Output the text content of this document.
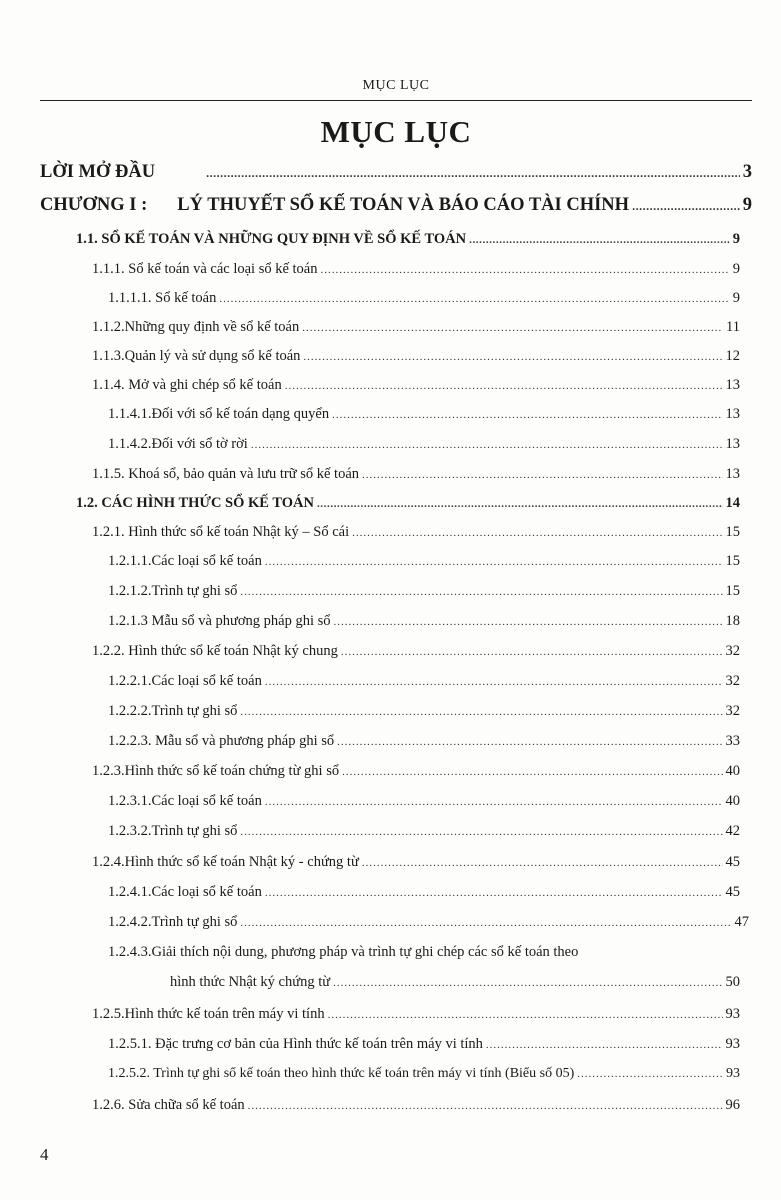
MỤC LỤC
MỤC LỤC
LỜI MỞ ĐẦU .....	3
CHƯƠNG I : LÝ THUYẾT SỔ KẾ TOÁN VÀ BÁO CÁO TÀI CHÍNH .....	9
1.1. SỔ KẾ TOÁN VÀ NHỮNG QUY ĐỊNH VỀ SỔ KẾ TOÁN .....	9
1.1.1. Sổ kế toán và các loại sổ kế toán .....	9
1.1.1.1. Sổ kế toán .....	9
1.1.2.Những quy định về sổ kế toán .....	11
1.1.3.Quản lý và sử dụng sổ kế toán .....	12
1.1.4. Mở và ghi chép sổ kế toán .....	13
1.1.4.1.Đối với sổ kế toán dạng quyển .....	13
1.1.4.2.Đối với sổ tờ rời .....	13
1.1.5. Khoá sổ, bảo quản và lưu trữ sổ kế toán .....	13
1.2. CÁC HÌNH THỨC SỔ KẾ TOÁN .....	14
1.2.1. Hình thức sổ kế toán Nhật ký – Sổ cái .....	15
1.2.1.1.Các loại sổ kế toán .....	15
1.2.1.2.Trình tự ghi sổ .....	15
1.2.1.3 Mẫu sổ và phương pháp ghi sổ .....	18
1.2.2. Hình thức sổ kế toán Nhật ký chung .....	32
1.2.2.1.Các loại sổ kế toán .....	32
1.2.2.2.Trình tự ghi sổ .....	32
1.2.2.3. Mẫu sổ và phương pháp ghi sổ .....	33
1.2.3.Hình thức sổ kế toán chứng từ ghi sổ .....	40
1.2.3.1.Các loại sổ kế toán .....	40
1.2.3.2.Trình tự ghi sổ .....	42
1.2.4.Hình thức sổ kế toán Nhật ký - chứng từ .....	45
1.2.4.1.Các loại sổ kế toán .....	45
1.2.4.2.Trình tự ghi sổ .....	47
1.2.4.3.Giải thích nội dung, phương pháp và trình tự ghi chép các sổ kế toán theo
hình thức Nhật ký chứng từ .....	50
1.2.5.Hình thức kế toán trên máy vi tính .....	93
1.2.5.1. Đặc trưng cơ bản của Hình thức kế toán trên máy vi tính .....	93
1.2.5.2. Trình tự ghi sổ kế toán theo hình thức kế toán trên máy vi tính (Biểu số 05) .....	93
1.2.6. Sửa chữa sổ kế toán .....	96
4
